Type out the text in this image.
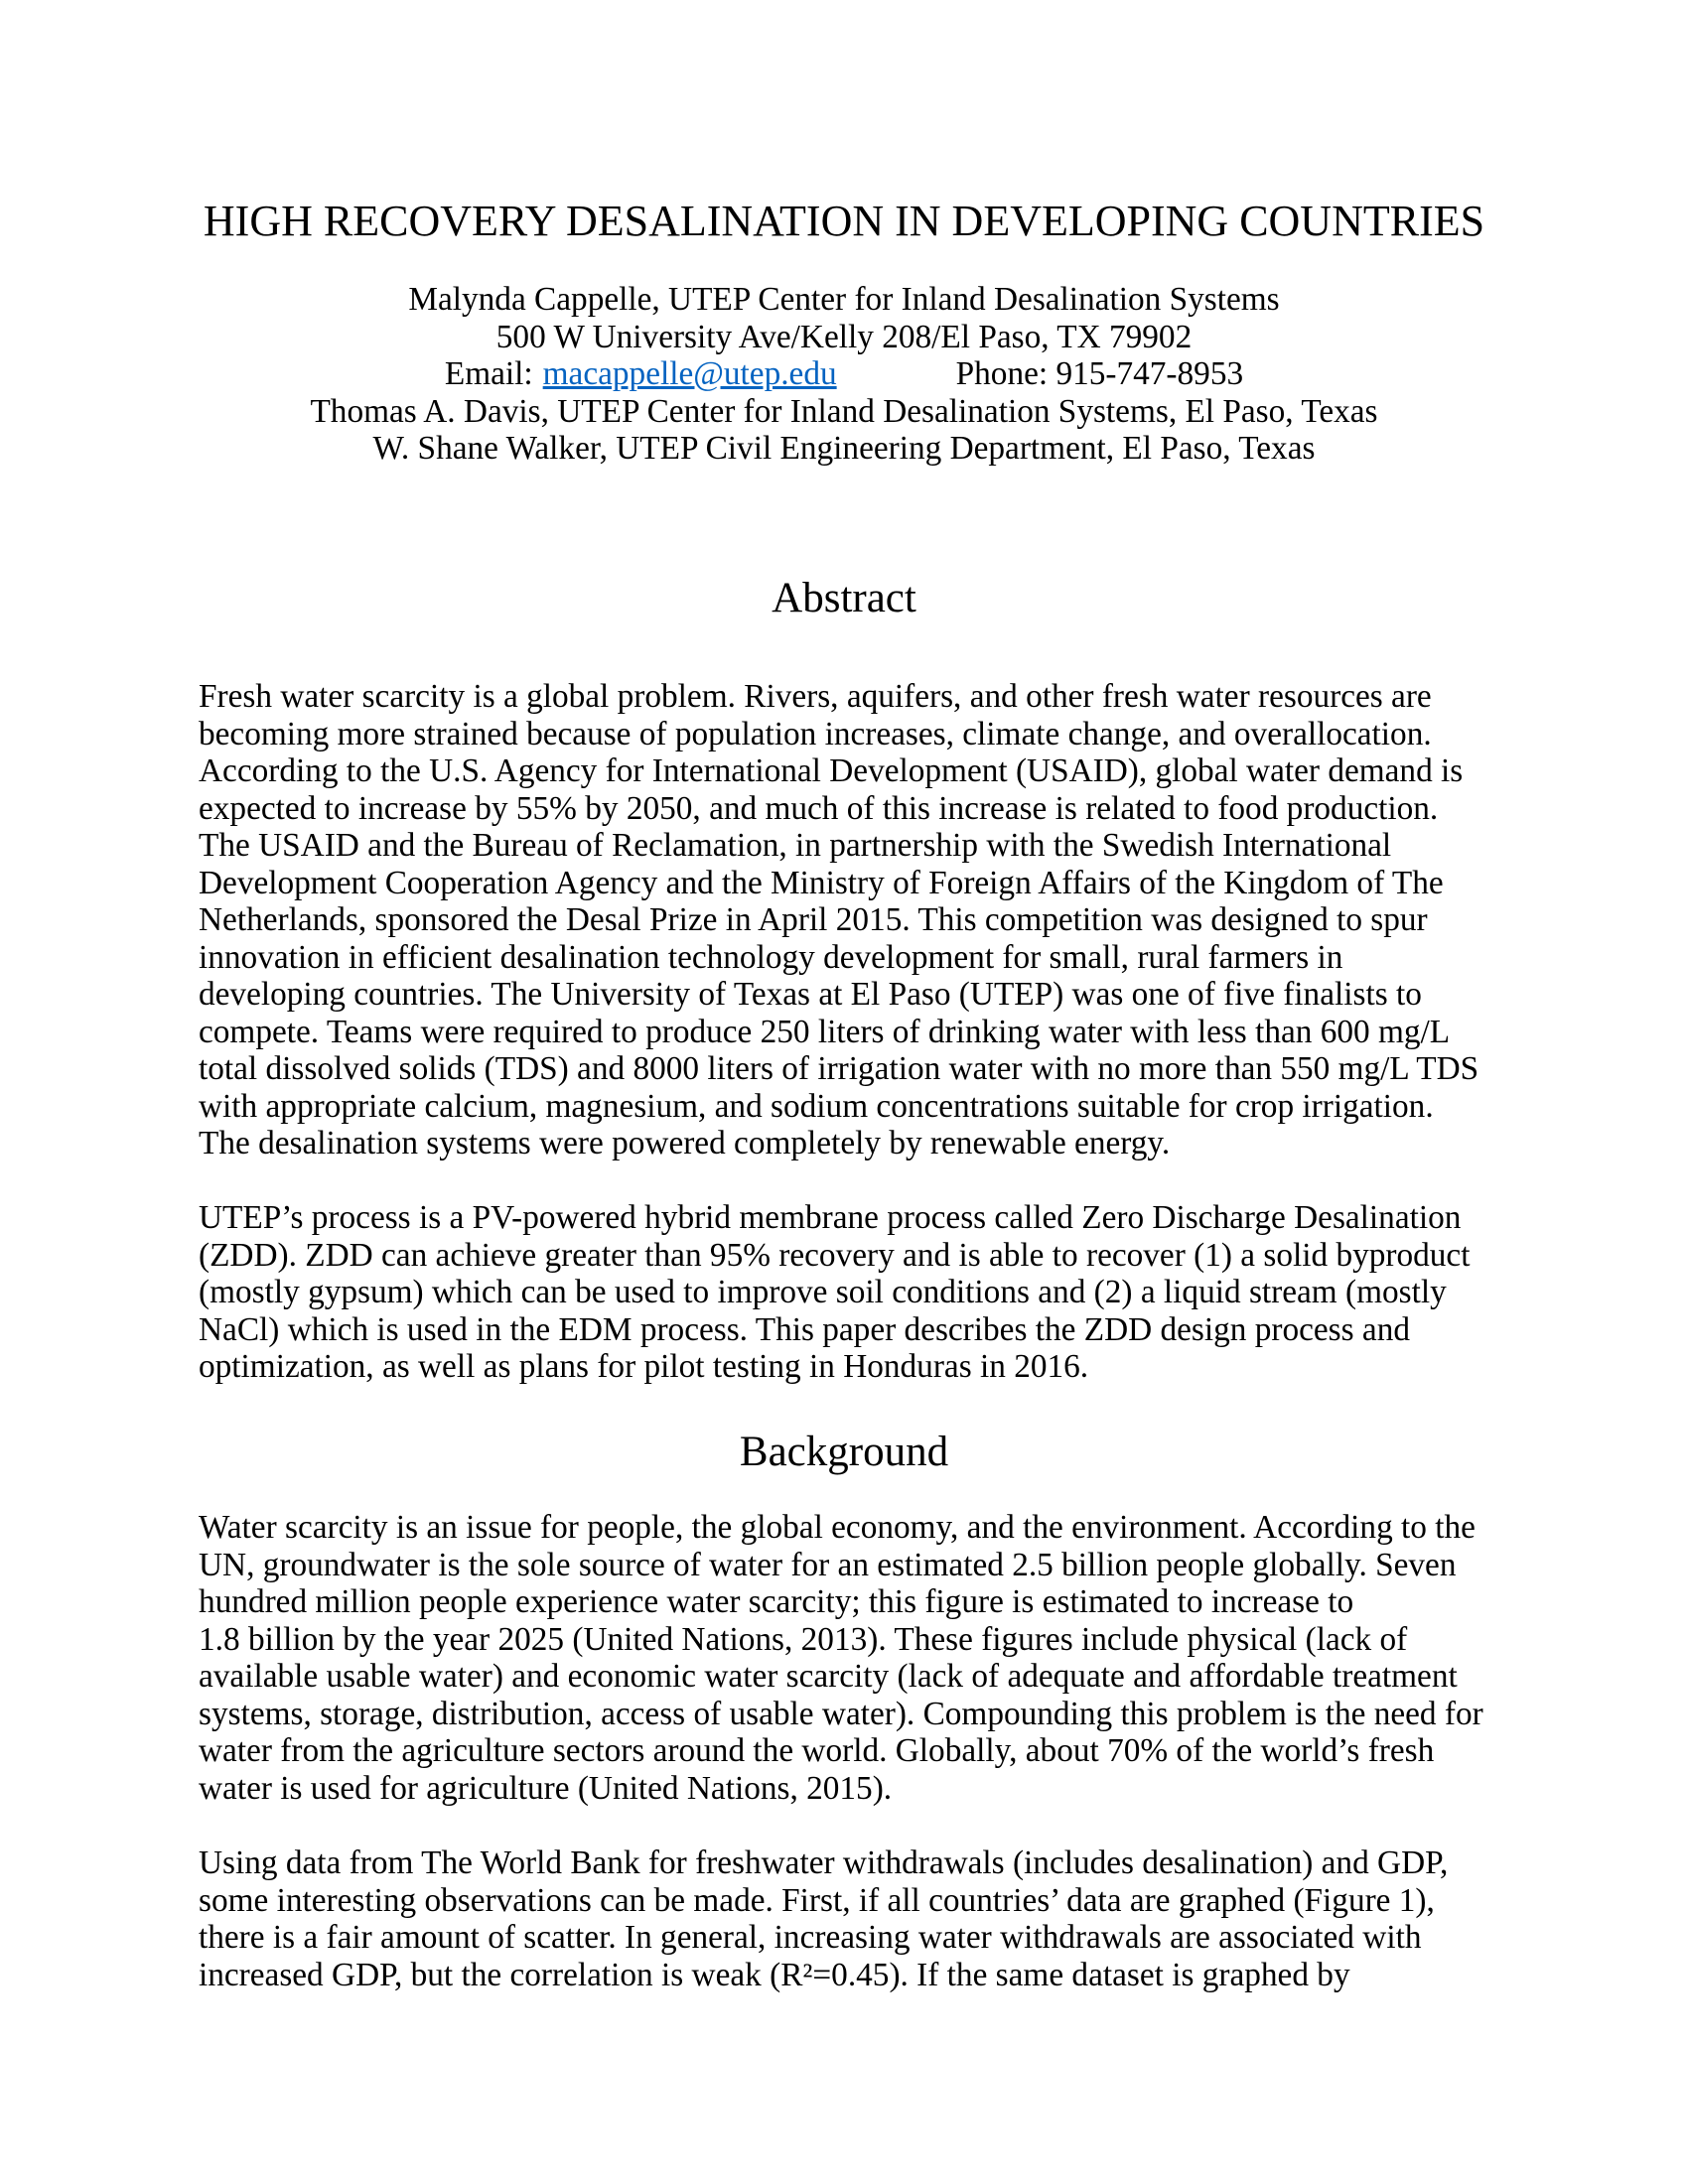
HIGH RECOVERY DESALINATION IN DEVELOPING COUNTRIES
Malynda Cappelle, UTEP Center for Inland Desalination Systems
500 W University Ave/Kelly 208/El Paso, TX 79902
Email: macappelle@utep.edu	Phone: 915-747-8953
Thomas A. Davis, UTEP Center for Inland Desalination Systems, El Paso, Texas
W. Shane Walker, UTEP Civil Engineering Department, El Paso, Texas
Abstract
Fresh water scarcity is a global problem. Rivers, aquifers, and other fresh water resources are
becoming more strained because of population increases, climate change, and overallocation.
According to the U.S. Agency for International Development (USAID), global water demand is
expected to increase by 55% by 2050, and much of this increase is related to food production.
The USAID and the Bureau of Reclamation, in partnership with the Swedish International
Development Cooperation Agency and the Ministry of Foreign Affairs of the Kingdom of The
Netherlands, sponsored the Desal Prize in April 2015. This competition was designed to spur
innovation in efficient desalination technology development for small, rural farmers in
developing countries. The University of Texas at El Paso (UTEP) was one of five finalists to
compete. Teams were required to produce 250 liters of drinking water with less than 600 mg/L
total dissolved solids (TDS) and 8000 liters of irrigation water with no more than 550 mg/L TDS
with appropriate calcium, magnesium, and sodium concentrations suitable for crop irrigation.
The desalination systems were powered completely by renewable energy.
UTEP’s process is a PV-powered hybrid membrane process called Zero Discharge Desalination
(ZDD). ZDD can achieve greater than 95% recovery and is able to recover (1) a solid byproduct
(mostly gypsum) which can be used to improve soil conditions and (2) a liquid stream (mostly
NaCl) which is used in the EDM process. This paper describes the ZDD design process and
optimization, as well as plans for pilot testing in Honduras in 2016.
Background
Water scarcity is an issue for people, the global economy, and the environment. According to the
UN, groundwater is the sole source of water for an estimated 2.5 billion people globally. Seven
hundred million people experience water scarcity; this figure is estimated to increase to
1.8 billion by the year 2025 (United Nations, 2013). These figures include physical (lack of
available usable water) and economic water scarcity (lack of adequate and affordable treatment
systems, storage, distribution, access of usable water). Compounding this problem is the need for
water from the agriculture sectors around the world. Globally, about 70% of the world’s fresh
water is used for agriculture (United Nations, 2015).
Using data from The World Bank for freshwater withdrawals (includes desalination) and GDP,
some interesting observations can be made. First, if all countries’ data are graphed (Figure 1),
there is a fair amount of scatter. In general, increasing water withdrawals are associated with
increased GDP, but the correlation is weak (R²=0.45). If the same dataset is graphed by
